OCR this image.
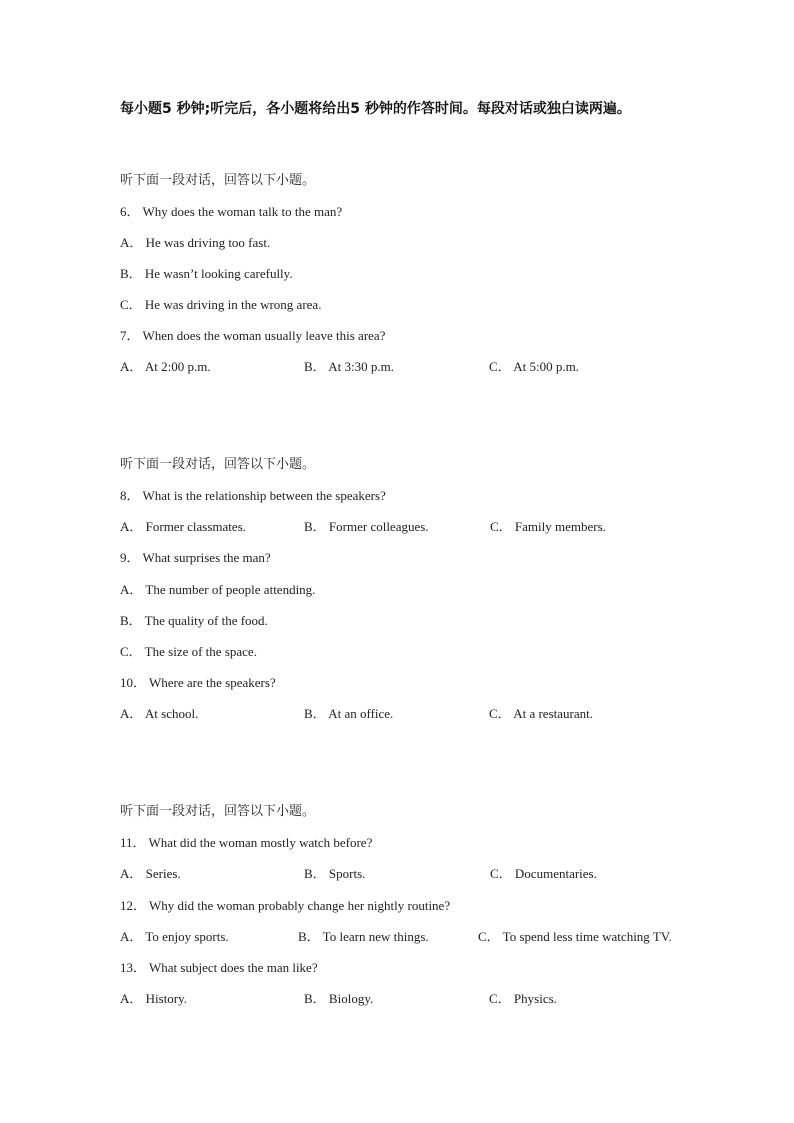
每小题5 秒钟;听完后，各小题将给出5 秒钟的作答时间。每段对话或独白读两遍。
听下面一段对话，回答以下小题。
6． Why does the woman talk to the man?
A． He was driving too fast.
B． He wasn’t looking carefully.
C． He was driving in the wrong area.
7． When does the woman usually leave this area?
A． At 2:00 p.m.	B． At 3:30 p.m.	C． At 5:00 p.m.
听下面一段对话，回答以下小题。
8． What is the relationship between the speakers?
A． Former classmates.	B． Former colleagues.	C． Family members.
9． What surprises the man?
A． The number of people attending.
B． The quality of the food.
C． The size of the space.
10． Where are the speakers?
A． At school.	B． At an office.	C． At a restaurant.
听下面一段对话，回答以下小题。
11． What did the woman mostly watch before?
A． Series.	B． Sports.	C． Documentaries.
12． Why did the woman probably change her nightly routine?
A． To enjoy sports.	B． To learn new things.	C． To spend less time watching TV.
13． What subject does the man like?
A． History.	B． Biology.	C． Physics.
